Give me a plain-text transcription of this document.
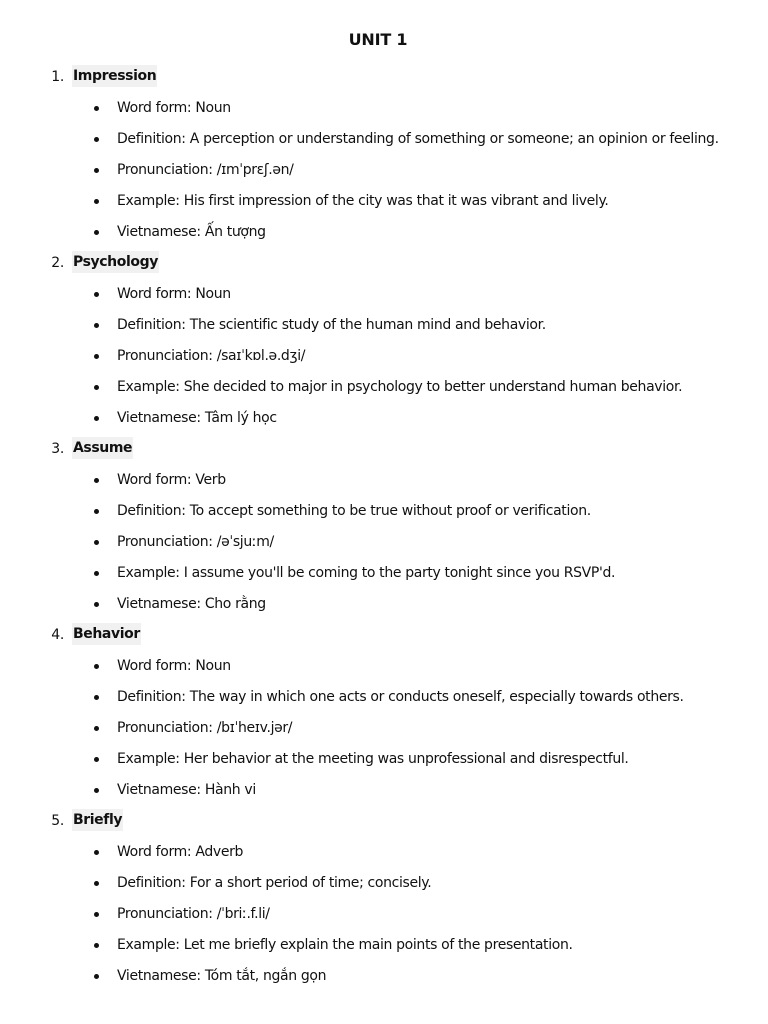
UNIT 1
1. Impression
Word form: Noun
Definition: A perception or understanding of something or someone; an opinion or feeling.
Pronunciation: /ɪmˈprɛʃ.ən/
Example: His first impression of the city was that it was vibrant and lively.
Vietnamese: Ấn tượng
2. Psychology
Word form: Noun
Definition: The scientific study of the human mind and behavior.
Pronunciation: /saɪˈkɒl.ə.dʒi/
Example: She decided to major in psychology to better understand human behavior.
Vietnamese: Tâm lý học
3. Assume
Word form: Verb
Definition: To accept something to be true without proof or verification.
Pronunciation: /əˈsjuːm/
Example: I assume you'll be coming to the party tonight since you RSVP'd.
Vietnamese: Cho rằng
4. Behavior
Word form: Noun
Definition: The way in which one acts or conducts oneself, especially towards others.
Pronunciation: /bɪˈheɪv.jər/
Example: Her behavior at the meeting was unprofessional and disrespectful.
Vietnamese: Hành vi
5. Briefly
Word form: Adverb
Definition: For a short period of time; concisely.
Pronunciation: /ˈbriː.f.li/
Example: Let me briefly explain the main points of the presentation.
Vietnamese: Tóm tắt, ngắn gọn
